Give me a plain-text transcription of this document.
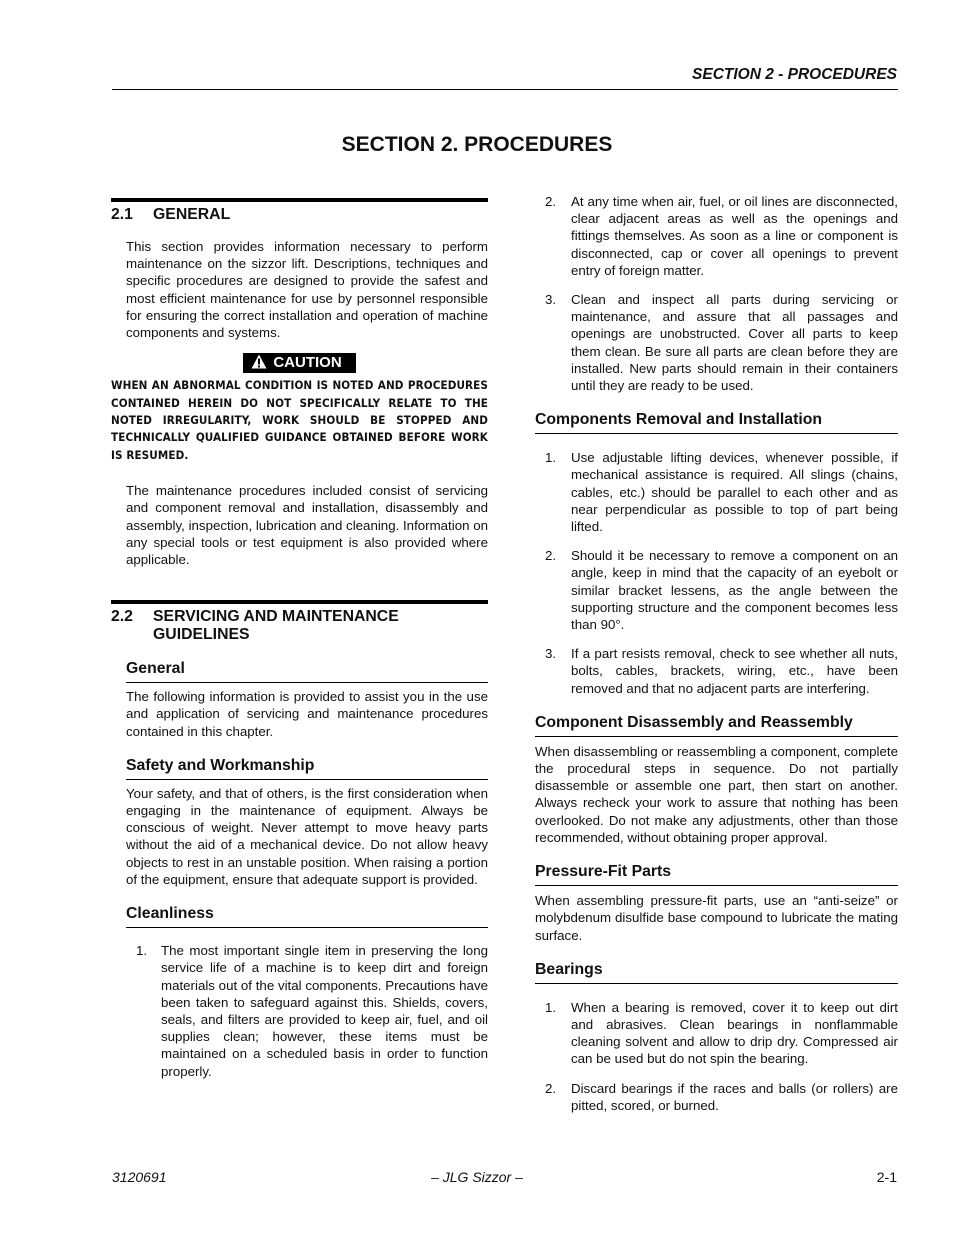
SECTION 2 - PROCEDURES
SECTION 2. PROCEDURES
2.1	GENERAL

This section provides information necessary to perform maintenance on the sizzor lift. Descriptions, techniques and specific procedures are designed to provide the safest and most efficient maintenance for use by personnel responsible for ensuring the correct installation and operation of machine components and systems.

CAUTION

WHEN AN ABNORMAL CONDITION IS NOTED AND PROCEDURES CONTAINED HEREIN DO NOT SPECIFICALLY RELATE TO THE NOTED IRREGULARITY, WORK SHOULD BE STOPPED AND TECHNICALLY QUALIFIED GUIDANCE OBTAINED BEFORE WORK IS RESUMED.

The maintenance procedures included consist of servicing and component removal and installation, disassembly and assembly, inspection, lubrication and cleaning. Information on any special tools or test equipment is also provided where applicable.

2.2	SERVICING AND MAINTENANCE
GUIDELINES
General

The following information is provided to assist you in the use and application of servicing and maintenance procedures contained in this chapter.

Safety and Workmanship

Your safety, and that of others, is the first consideration when engaging in the maintenance of equipment. Always be conscious of weight. Never attempt to move heavy parts without the aid of a mechanical device. Do not allow heavy objects to rest in an unstable position. When raising a portion of the equipment, ensure that adequate support is provided.

Cleanliness
1.	The most important single item in preserving the long service life of a machine is to keep dirt and foreign materials out of the vital components. Precautions have been taken to safeguard against this. Shields, covers, seals, and filters are provided to keep air, fuel, and oil supplies clean; however, these items must be maintained on a scheduled basis in order to function properly.
2.	At any time when air, fuel, or oil lines are disconnected, clear adjacent areas as well as the openings and fittings themselves. As soon as a line or component is disconnected, cap or cover all openings to prevent entry of foreign matter.
3.	Clean and inspect all parts during servicing or maintenance, and assure that all passages and openings are unobstructed. Cover all parts to keep them clean. Be sure all parts are clean before they are installed. New parts should remain in their containers until they are ready to be used.
Components Removal and Installation
1.	Use adjustable lifting devices, whenever possible, if mechanical assistance is required. All slings (chains, cables, etc.) should be parallel to each other and as near perpendicular as possible to top of part being lifted.
2.	Should it be necessary to remove a component on an angle, keep in mind that the capacity of an eyebolt or similar bracket lessens, as the angle between the supporting structure and the component becomes less than 90°.
3.	If a part resists removal, check to see whether all nuts, bolts, cables, brackets, wiring, etc., have been removed and that no adjacent parts are interfering.
Component Disassembly and Reassembly

When disassembling or reassembling a component, complete the procedural steps in sequence. Do not partially disassemble or assemble one part, then start on another. Always recheck your work to assure that nothing has been overlooked. Do not make any adjustments, other than those recommended, without obtaining proper approval.

Pressure-Fit Parts

When assembling pressure-fit parts, use an “anti-seize” or molybdenum disulfide base compound to lubricate the mating surface.

Bearings
1.	When a bearing is removed, cover it to keep out dirt and abrasives. Clean bearings in nonflammable cleaning solvent and allow to drip dry. Compressed air can be used but do not spin the bearing.
2.	Discard bearings if the races and balls (or rollers) are pitted, scored, or burned.
3120691	– JLG Sizzor –	2-1
